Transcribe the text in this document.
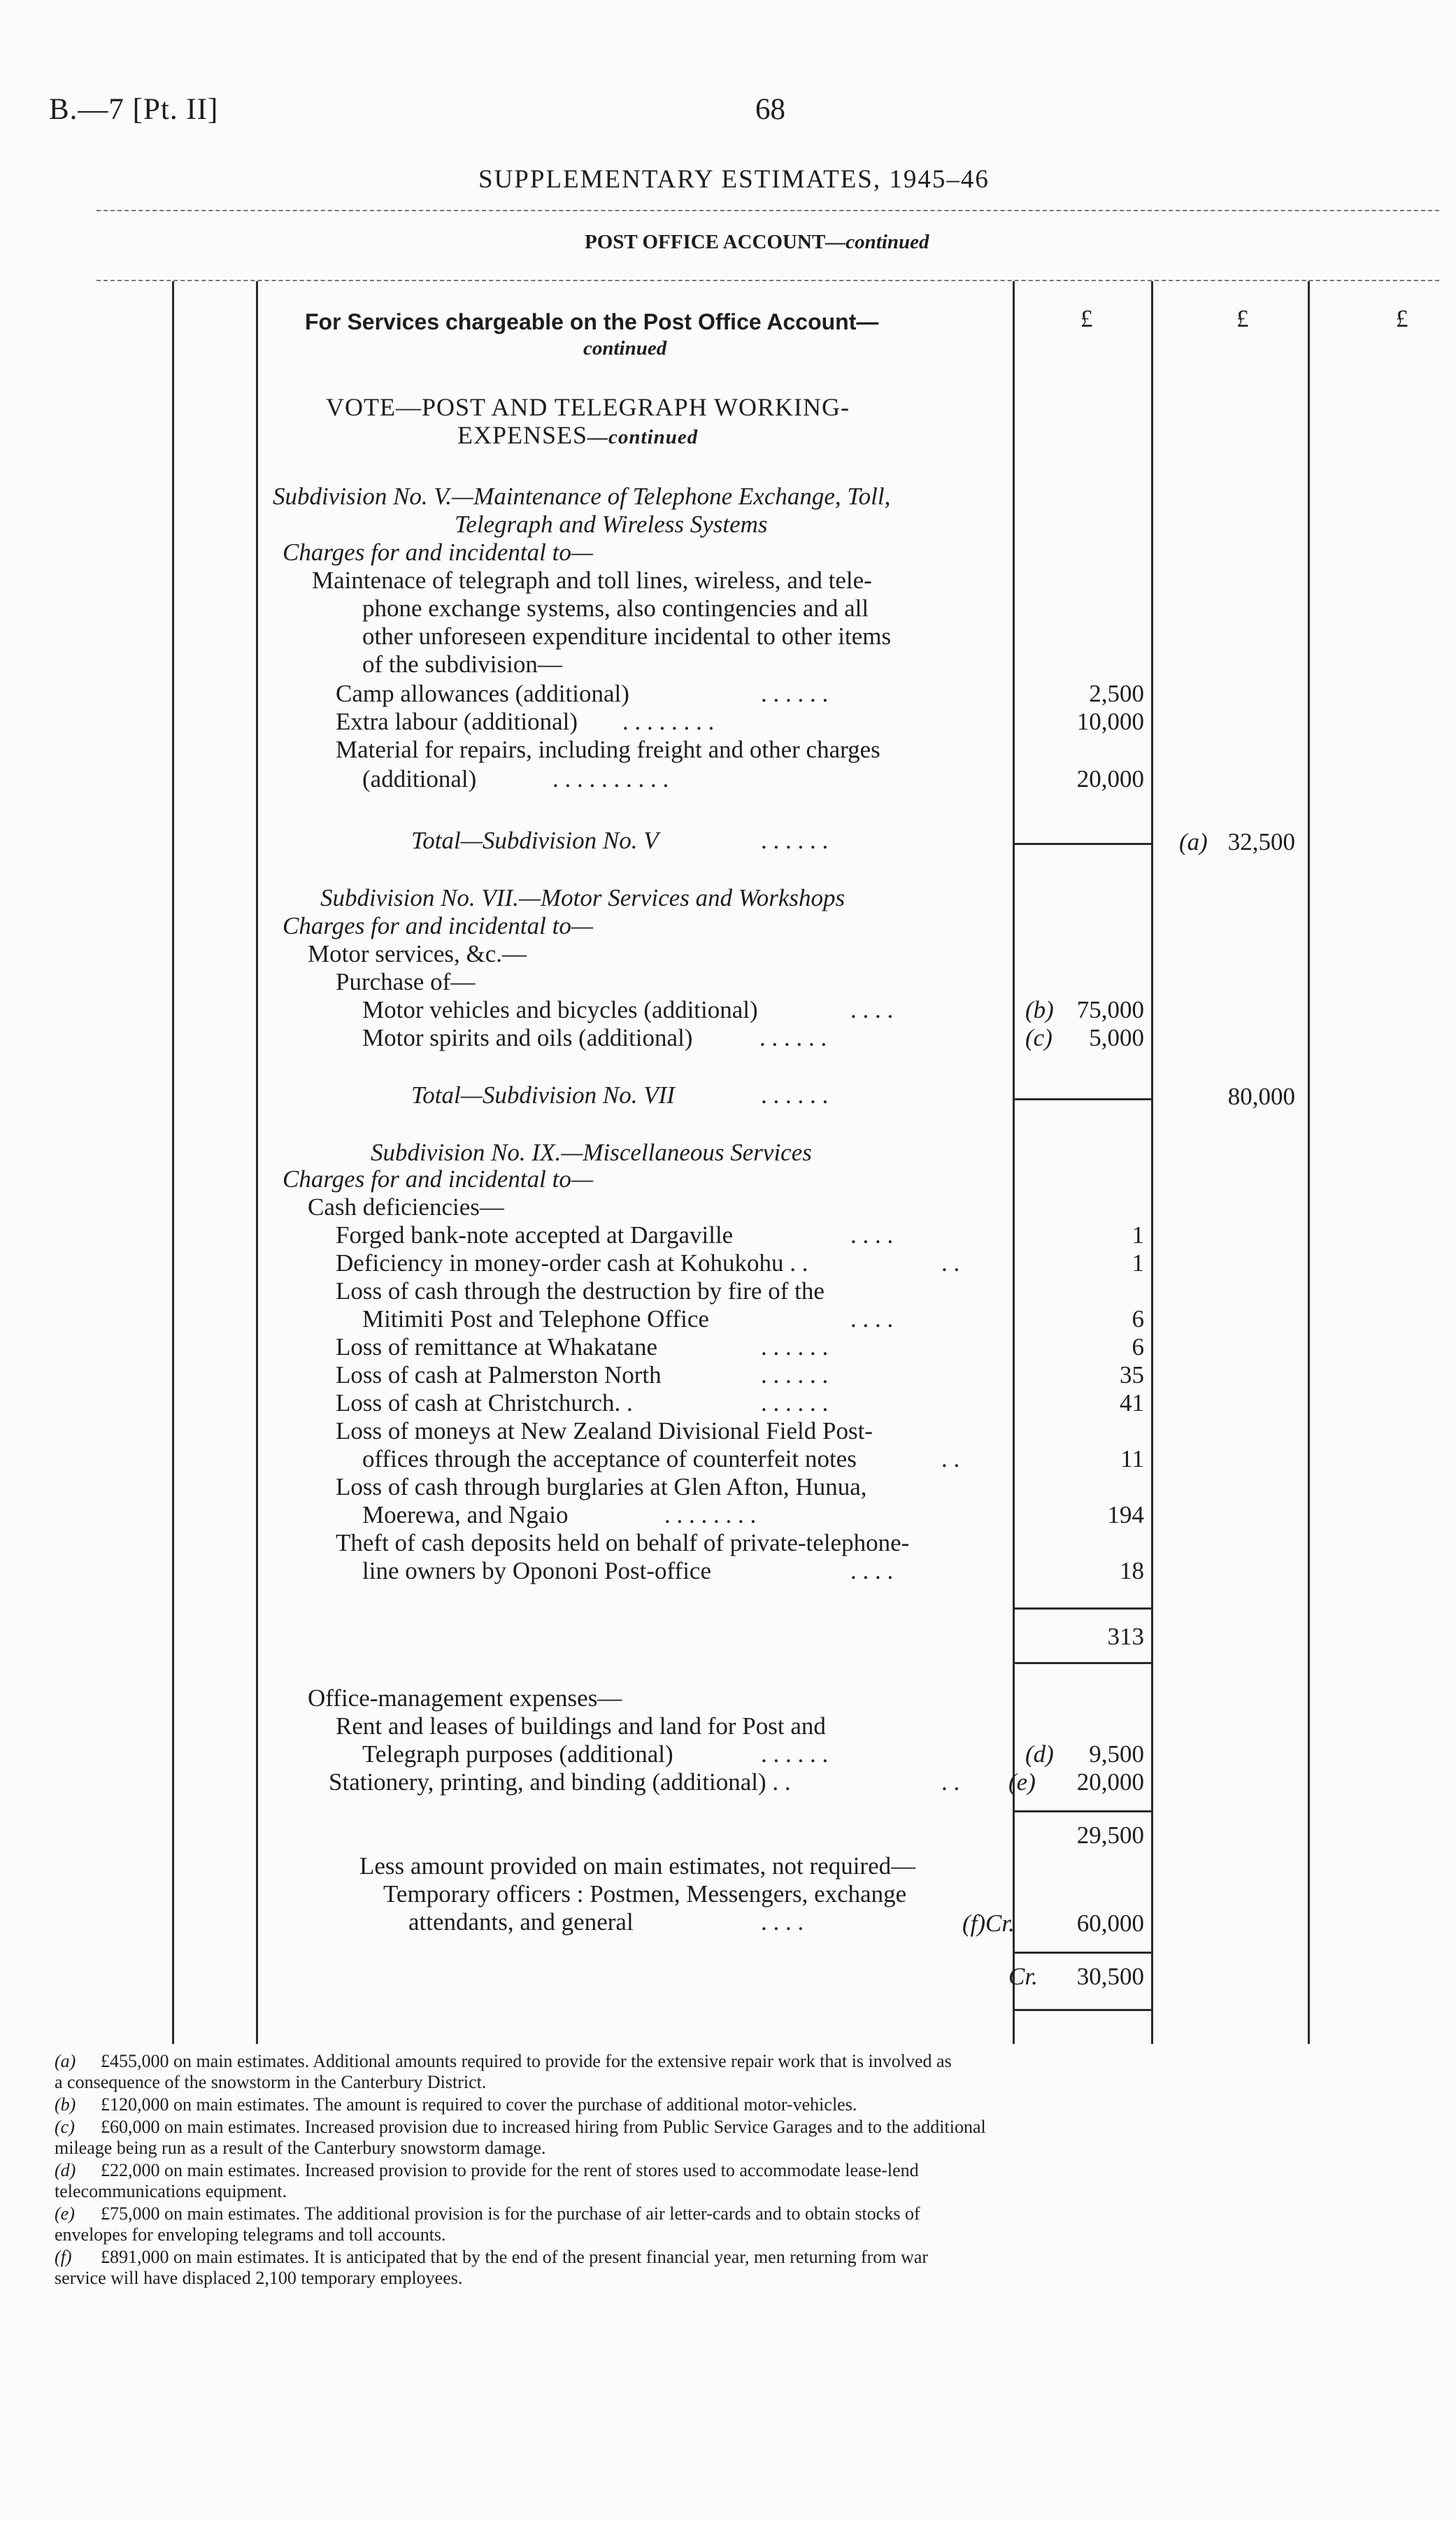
B.—7 [Pt. II]	68
SUPPLEMENTARY ESTIMATES, 1945–46
POST OFFICE ACCOUNT—continued
£	£	£
For Services chargeable on the Post Office Account—
continued
VOTE—POST AND TELEGRAPH WORKING-
EXPENSES—continued
Subdivision No. V.—Maintenance of Telephone Exchange, Toll,
Telegraph and Wireless Systems
Charges for and incidental to—
Maintenace of telegraph and toll lines, wireless, and tele-
phone exchange systems, also contingencies and all
other unforeseen expenditure incidental to other items
of the subdivision—
Camp allowances (additional)	. . . . . .	2,500
Extra labour (additional) . . . . . . . .	10,000
Material for repairs, including freight and other charges
(additional)	. . . . . . . . . .	20,000
Total—Subdivision No. V	. . . . . .	(a) 32,500
Subdivision No. VII.—Motor Services and Workshops
Charges for and incidental to—
Motor services, &c.—
Purchase of—
Motor vehicles and bicycles (additional)	. . . .	(b) 75,000
Motor spirits and oils (additional)	. . . . . .	(c) 5,000
Total—Subdivision No. VII	. . . . . .	80,000
Subdivision No. IX.—Miscellaneous Services
Charges for and incidental to—
Cash deficiencies—
Forged bank-note accepted at Dargaville	. . . .	1
Deficiency in money-order cash at Kohukohu . .	. .	1
Loss of cash through the destruction by fire of the
Mitimiti Post and Telephone Office	. . . .	6
Loss of remittance at Whakatane	. . . . . .	6
Loss of cash at Palmerston North	. . . . . .	35
Loss of cash at Christchurch. .	. . . . . .	41
Loss of moneys at New Zealand Divisional Field Post-
offices through the acceptance of counterfeit notes	. .	11
Loss of cash through burglaries at Glen Afton, Hunua,
Moerewa, and Ngaio	. . . . . . . .	194
Theft of cash deposits held on behalf of private-telephone-
line owners by Opononi Post-office	. . . .	18
313
Office-management expenses—
Rent and leases of buildings and land for Post and
Telegraph purposes (additional)	. . . . . .	(d) 9,500
Stationery, printing, and binding (additional) . .	. . (e) 20,000
29,500
Less amount provided on main estimates, not required—
Temporary officers : Postmen, Messengers, exchange
attendants, and general	. . . .	(f)Cr.	60,000
Cr. 30,500
(a) £455,000 on main estimates. Additional amounts required to provide for the extensive repair work that is involved as
a consequence of the snowstorm in the Canterbury District.
(b) £120,000 on main estimates. The amount is required to cover the purchase of additional motor-vehicles.
(c) £60,000 on main estimates. Increased provision due to increased hiring from Public Service Garages and to the additional
mileage being run as a result of the Canterbury snowstorm damage.
(d) £22,000 on main estimates. Increased provision to provide for the rent of stores used to accommodate lease-lend
telecommunications equipment.
(e) £75,000 on main estimates. The additional provision is for the purchase of air letter-cards and to obtain stocks of
envelopes for enveloping telegrams and toll accounts.
(f) £891,000 on main estimates. It is anticipated that by the end of the present financial year, men returning from war
service will have displaced 2,100 temporary employees.
